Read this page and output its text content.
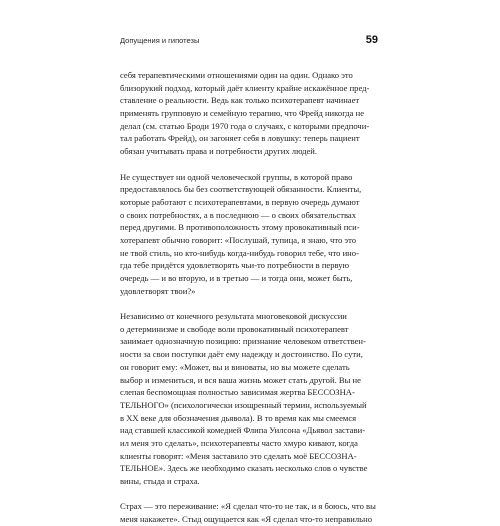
Допущения и гипотезы	59

себя терапевтическими отношениями один на один. Однако это
близорукий подход, который даёт клиенту крайне искажённое пред-
ставление о реальности. Ведь как только психотерапевт начинает
применять групповую и семейную терапию, что Фрейд никогда не
делал (см. статью Броди 1970 года о случаях, с которыми предпочи-
тал работать Фрейд), он загоняет себя в ловушку: теперь пациент
обязан учитывать права и потребности других людей.

Не существует ни одной человеческой группы, в которой право
предоставлялось бы без соответствующей обязанности. Клиенты,
которые работают с психотерапевтами, в первую очередь думают
о своих потребностях, а в последнюю — о своих обязательствах
перед другими. В противоположность этому провокативный пси-
хотерапевт обычно говорит: «Послушай, тупица, я знаю, что это
не твой стиль, но кто-нибудь когда-нибудь говорил тебе, что ино-
гда тебе придётся удовлетворять чьи-то потребности в первую
очередь — и во вторую, и в третью — и тогда они, может быть,
удовлетворят твои?»

Независимо от конечного результата многовековой дискуссии
о детерминизме и свободе воли провокативный психотерапевт
занимает однозначную позицию: признание человеком ответствен-
ности за свои поступки даёт ему надежду и достоинство. По сути,
он говорит ему: «Может, вы и виноваты, но вы можете сделать
выбор и измениться, и вся ваша жизнь может стать другой. Вы не
слепая беспомощная полностью зависимая жертва БЕССОЗНА-
ТЕЛЬНОГО» (психологически изощренный термин, используемый
в XX веке для обозначения дьявола). В то время как мы смеемся
над ставшей классикой комедией Флипа Уилсона «Дьявол застави-
ил меня это сделать», психотерапевты часто хмуро кивают, когда
клиенты говорят: «Меня заставило это сделать моё БЕССОЗНА-
ТЕЛЬНОЕ». Здесь же необходимо сказать несколько слов о чувстве
вины, стыда и страха.

Страх — это переживание: «Я сделал что-то не так, и я боюсь, что вы
меня накажете». Стыд ощущается как «Я сделал что-то неправильно
